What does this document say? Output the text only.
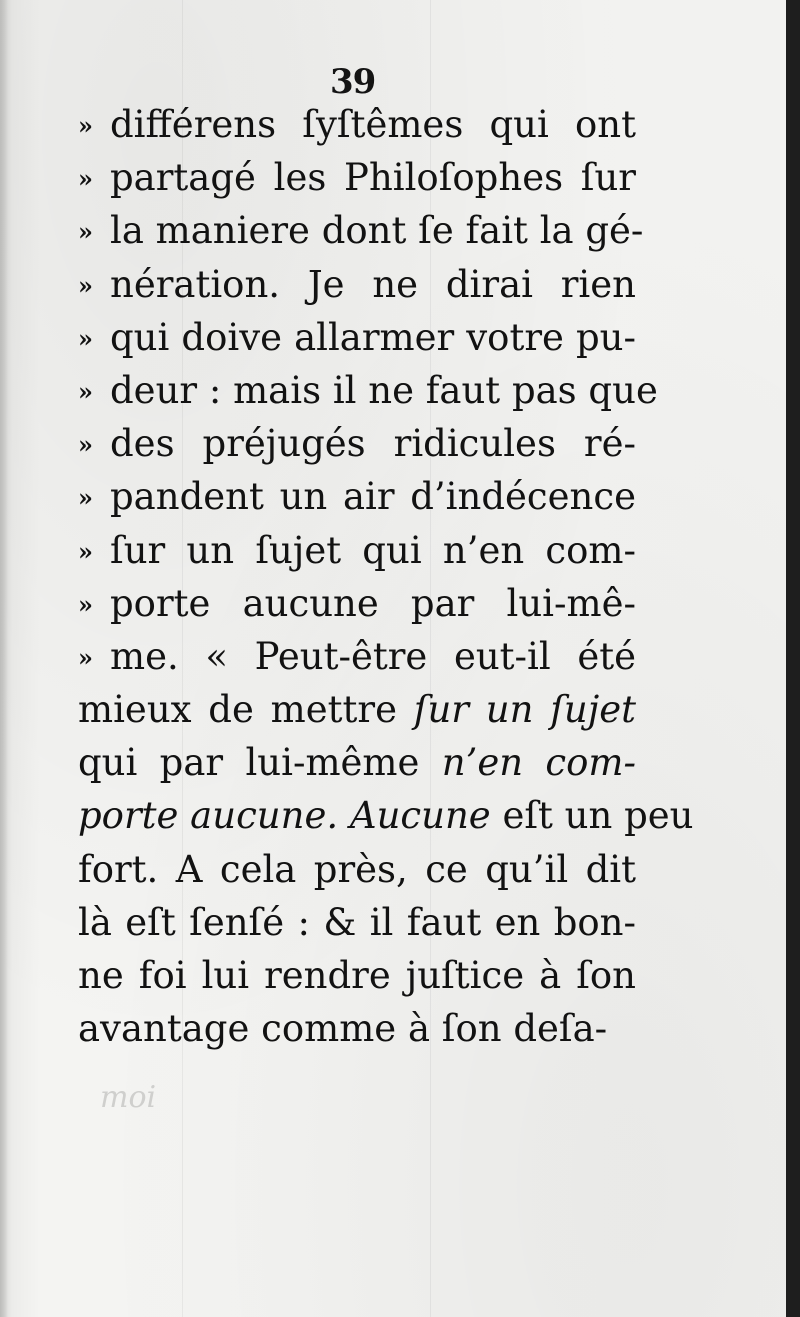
39
» différens ſyſtêmes qui ont
» partagé les Philoſophes ſur
» la maniere dont ſe fait la gé-
» nération. Je ne dirai rien
» qui doive allarmer votre pu-
» deur : mais il ne faut pas que
» des préjugés ridicules ré-
» pandent un air d’indécence
» ſur un ſujet qui n’en com-
» porte aucune par lui-mê-
» me. « Peut-être eut-il été
mieux de mettre ſur un ſujet
qui par lui-même n’en com-
porte aucune. Aucune eſt un peu
fort. A cela près, ce qu’il dit
là eſt ſenſé : & il faut en bon-
ne foi lui rendre juſtice à ſon
avantage comme à ſon deſa-
moi
